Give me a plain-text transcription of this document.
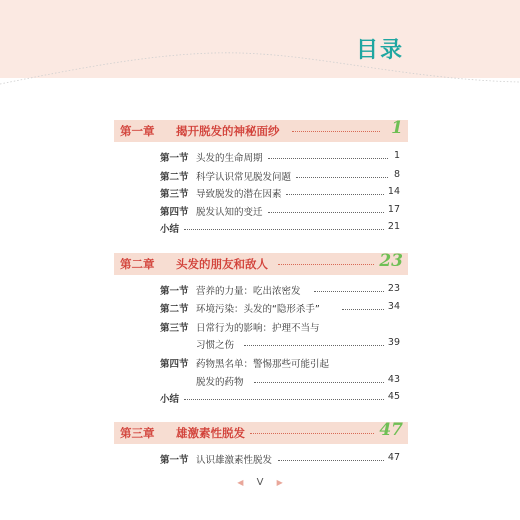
目录
第一章 揭开脱发的神秘面纱	1
第一节 头发的生命周期	1
第二节 科学认识常见脱发问题	8
第三节 导致脱发的潜在因素	14
第四节 脱发认知的变迁	17
小结	21
第二章 头发的朋友和敌人	23
第一节 营养的力量：吃出浓密发	23
第二节 环境污染：头发的“隐形杀手”	34
第三节 日常行为的影响：护理不当与
习惯之伤	39
第四节 药物黑名单：警惕那些可能引起
脱发的药物	43
小结	45
第三章 雄激素性脱发	47
第一节 认识雄激素性脱发	47
◀ V ▶
